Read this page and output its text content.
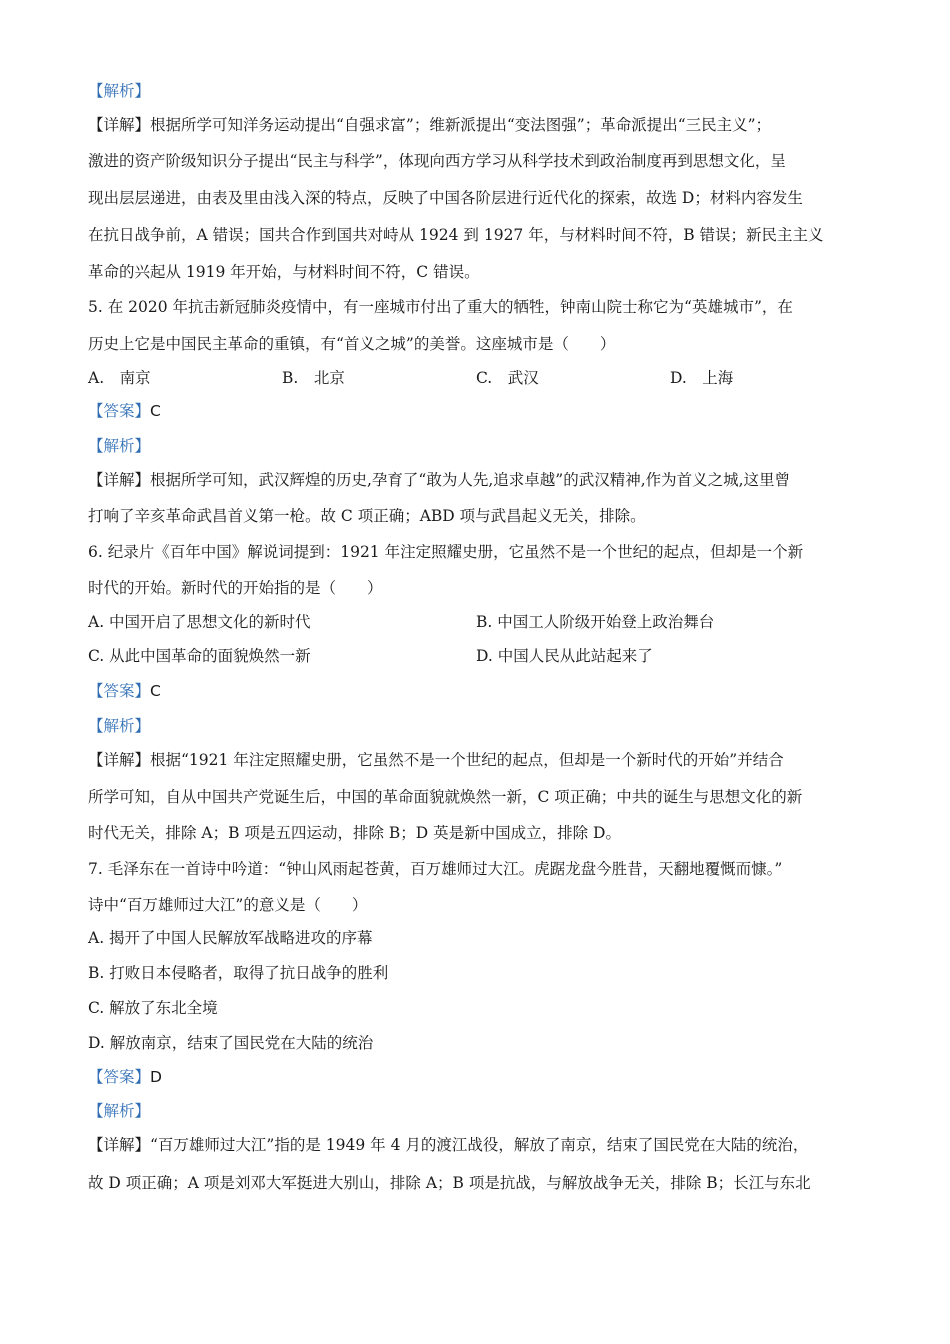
【解析】
【详解】根据所学可知洋务运动提出“自强求富”；维新派提出“变法图强”；革命派提出“三民主义”；
激进的资产阶级知识分子提出“民主与科学”，体现向西方学习从科学技术到政治制度再到思想文化，呈
现出层层递进，由表及里由浅入深的特点，反映了中国各阶层进行近代化的探索，故选 D；材料内容发生
在抗日战争前，A 错误；国共合作到国共对峙从 1924 到 1927 年，与材料时间不符，B 错误；新民主主义
革命的兴起从 1919 年开始，与材料时间不符，C 错误。
5. 在 2020 年抗击新冠肺炎疫情中，有一座城市付出了重大的牺牲，钟南山院士称它为“英雄城市”，在
历史上它是中国民主革命的重镇，有“首义之城”的美誉。这座城市是（　　）
A.　南京	B.　北京	C.　武汉	D.　上海
【答案】C
【解析】
【详解】根据所学可知，武汉辉煌的历史,孕育了“敢为人先,追求卓越”的武汉精神,作为首义之城,这里曾
打响了辛亥革命武昌首义第一枪。故 C 项正确；ABD 项与武昌起义无关，排除。
6. 纪录片《百年中国》解说词提到：1921 年注定照耀史册，它虽然不是一个世纪的起点，但却是一个新
时代的开始。新时代的开始指的是（　　）
A. 中国开启了思想文化的新时代	B. 中国工人阶级开始登上政治舞台
C. 从此中国革命的面貌焕然一新	D. 中国人民从此站起来了
【答案】C
【解析】
【详解】根据“1921 年注定照耀史册，它虽然不是一个世纪的起点，但却是一个新时代的开始”并结合
所学可知，自从中国共产党诞生后，中国的革命面貌就焕然一新，C 项正确；中共的诞生与思想文化的新
时代无关，排除 A；B 项是五四运动，排除 B；D 英是新中国成立，排除 D。
7. 毛泽东在一首诗中吟道：“钟山风雨起苍黄，百万雄师过大江。虎踞龙盘今胜昔，天翻地覆慨而慷。”
诗中“百万雄师过大江”的意义是（　　）
A. 揭开了中国人民解放军战略进攻的序幕
B. 打败日本侵略者，取得了抗日战争的胜利
C. 解放了东北全境
D. 解放南京，结束了国民党在大陆的统治
【答案】D
【解析】
【详解】“百万雄师过大江”指的是 1949 年 4 月的渡江战役，解放了南京，结束了国民党在大陆的统治，
故 D 项正确；A 项是刘邓大军挺进大别山，排除 A；B 项是抗战，与解放战争无关，排除 B；长江与东北
